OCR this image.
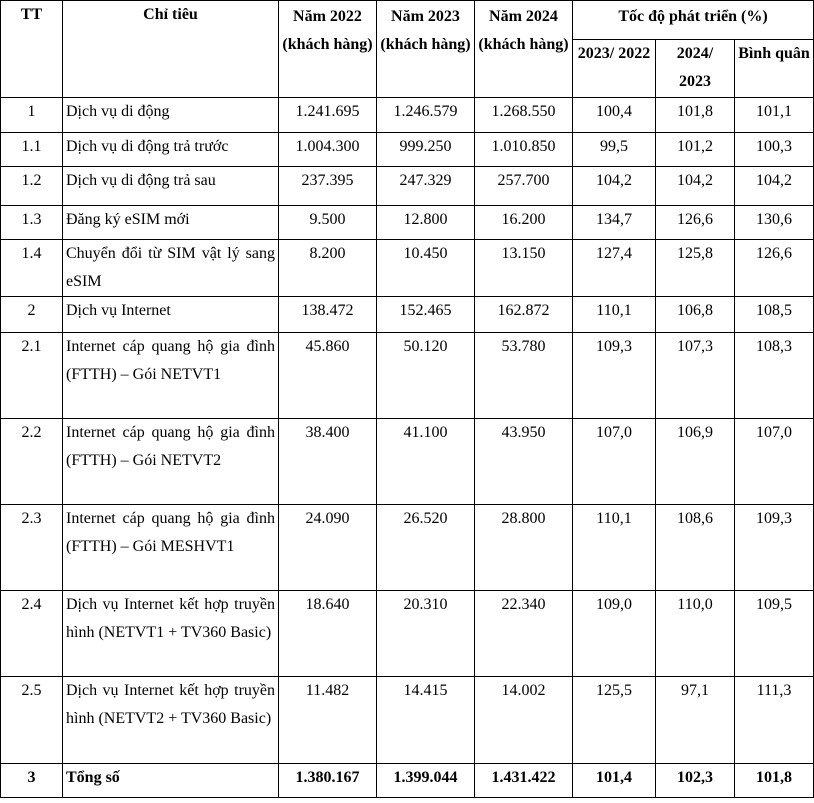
TT	Chỉ tiêu	Năm 2022 (khách hàng)	Năm 2023 (khách hàng)	Năm 2024 (khách hàng)	Tốc độ phát triển (%)		
					2023/ 2022	2024/ 2023	Bình quân
1	Dịch vụ di động	1.241.695	1.246.579	1.268.550	100,4	101,8	101,1
1.1	Dịch vụ di động trả trước	1.004.300	999.250	1.010.850	99,5	101,2	100,3
1.2	Dịch vụ di động trả sau	237.395	247.329	257.700	104,2	104,2	104,2
1.3	Đăng ký eSIM mới	9.500	12.800	16.200	134,7	126,6	130,6
1.4	Chuyển đổi từ SIM vật lý sang eSIM	8.200	10.450	13.150	127,4	125,8	126,6
2	Dịch vụ Internet	138.472	152.465	162.872	110,1	106,8	108,5
2.1	Internet cáp quang hộ gia đình (FTTH) – Gói NETVT1	45.860	50.120	53.780	109,3	107,3	108,3
2.2	Internet cáp quang hộ gia đình (FTTH) – Gói NETVT2	38.400	41.100	43.950	107,0	106,9	107,0
2.3	Internet cáp quang hộ gia đình (FTTH) – Gói MESHVT1	24.090	26.520	28.800	110,1	108,6	109,3
2.4	Dịch vụ Internet kết hợp truyền hình (NETVT1 + TV360 Basic)	18.640	20.310	22.340	109,0	110,0	109,5
2.5	Dịch vụ Internet kết hợp truyền hình (NETVT2 + TV360 Basic)	11.482	14.415	14.002	125,5	97,1	111,3
3	Tổng số	1.380.167	1.399.044	1.431.422	101,4	102,3	101,8
